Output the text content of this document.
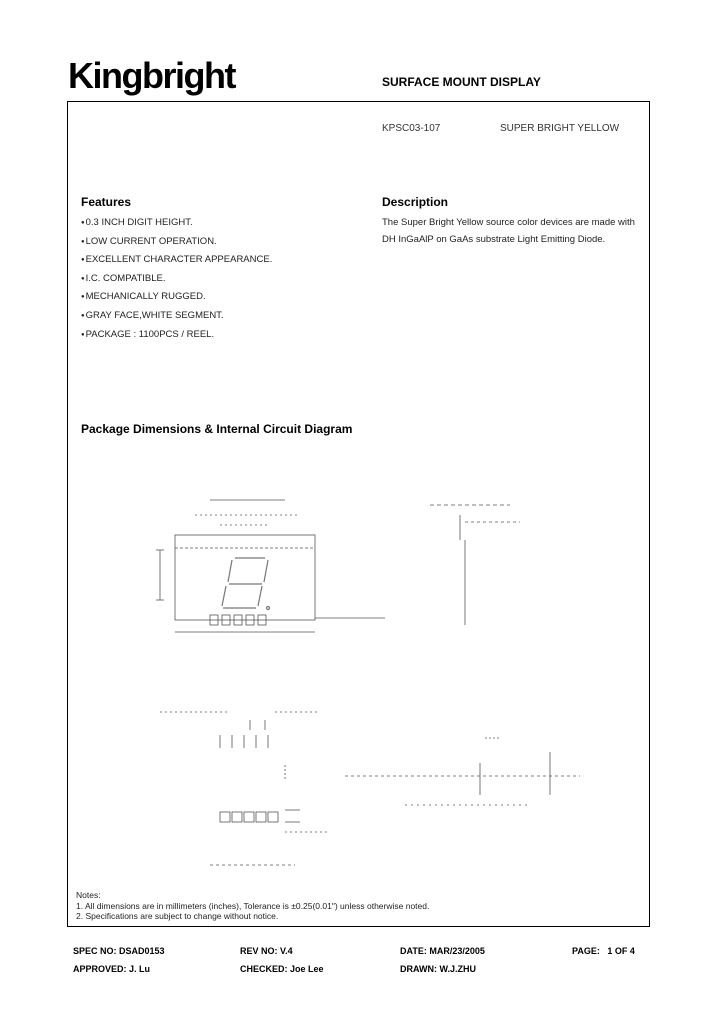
Kingbright	SURFACE MOUNT DISPLAY
KPSC03-107	SUPER BRIGHT YELLOW
Features
● 0.3 INCH DIGIT HEIGHT.
● LOW CURRENT OPERATION.
● EXCELLENT CHARACTER APPEARANCE.
● I.C. COMPATIBLE.
● MECHANICALLY RUGGED.
● GRAY FACE,WHITE SEGMENT.
● PACKAGE : 1100PCS / REEL.
Description
The Super Bright Yellow source color devices are made with DH InGaAlP on GaAs substrate Light Emitting Diode.
Package Dimensions & Internal Circuit Diagram
Notes:
1. All dimensions are in millimeters (inches), Tolerance is ±0.25(0.01") unless otherwise noted.
2. Specifications are subject to change without notice.
SPEC NO: DSAD0153	REV NO: V.4	DATE: MAR/23/2005	PAGE:   1 OF 4
APPROVED: J. Lu	CHECKED: Joe Lee	DRAWN: W.J.ZHU
